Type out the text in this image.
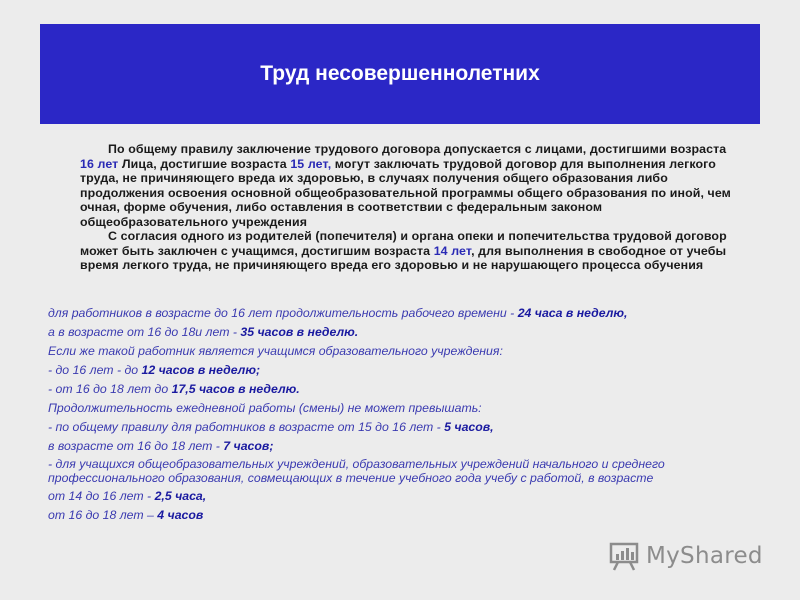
Труд несовершеннолетних
По общему правилу заключение трудового договора допускается с лицами, достигшими возраста 16 лет Лица, достигшие возраста 15 лет, могут заключать трудовой договор для выполнения легкого труда, не причиняющего вреда их здоровью, в случаях получения общего образования либо продолжения освоения основной общеобразовательной программы общего образования по иной, чем очная, форме обучения, либо оставления в соответствии с федеральным законом общеобразовательного учреждения
С согласия одного из родителей (попечителя) и органа опеки и попечительства трудовой договор может быть заключен с учащимся, достигшим возраста 14 лет, для выполнения в свободное от учебы время легкого труда, не причиняющего вреда его здоровью и не нарушающего процесса обучения
для работников в возрасте до 16 лет продолжительность рабочего времени - 24 часа в неделю,
а в возрасте от 16 до 18и лет - 35 часов в неделю.
Если же такой работник является учащимся образовательного учреждения:
- до 16 лет - до 12 часов в неделю;
- от 16 до 18 лет до 17,5 часов в неделю.
Продолжительность ежедневной работы (смены) не может превышать:
- по общему правилу для работников в возрасте от 15 до 16 лет - 5 часов,
в возрасте от 16 до 18 лет - 7 часов;
- для учащихся общеобразовательных учреждений, образовательных учреждений начального и среднего профессионального образования, совмещающих в течение учебного года учебу с работой, в возрасте
от 14 до 16 лет - 2,5 часа,
от 16 до 18 лет – 4 часов
MyShared
